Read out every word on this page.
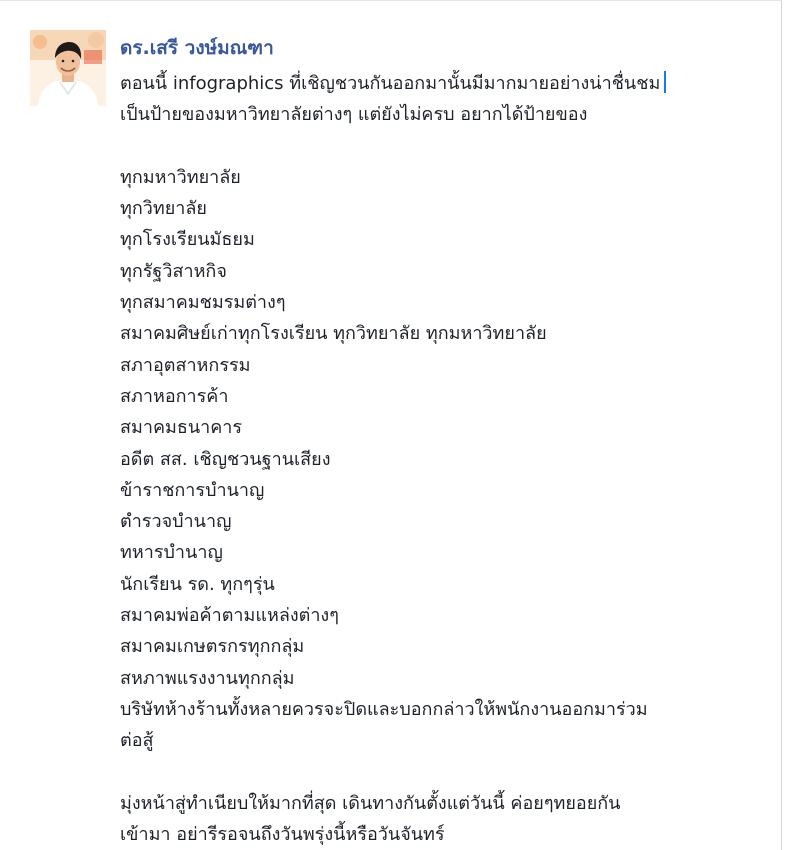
ดร.เสรี วงษ์มณฑา
ตอนนี้ infographics ที่เชิญชวนกันออกมานั้นมีมากมายอย่างน่าชื่นชม
เป็นป้ายของมหาวิทยาลัยต่างๆ แต่ยังไม่ครบ อยากได้ป้ายของ
ทุกมหาวิทยาลัย
ทุกวิทยาลัย
ทุกโรงเรียนมัธยม
ทุกรัฐวิสาหกิจ
ทุกสมาคมชมรมต่างๆ
สมาคมศิษย์เก่าทุกโรงเรียน ทุกวิทยาลัย ทุกมหาวิทยาลัย
สภาอุตสาหกรรม
สภาหอการค้า
สมาคมธนาคาร
อดีต สส. เชิญชวนฐานเสียง
ข้าราชการบำนาญ
ตำรวจบำนาญ
ทหารบำนาญ
นักเรียน รด. ทุกๆรุ่น
สมาคมพ่อค้าตามแหล่งต่างๆ
สมาคมเกษตรกรทุกกลุ่ม
สหภาพแรงงานทุกกลุ่ม
บริษัทห้างร้านทั้งหลายควรจะปิดและบอกกล่าวให้พนักงานออกมาร่วม
ต่อสู้
มุ่งหน้าสู่ทำเนียบให้มากที่สุด เดินทางกันตั้งแต่วันนี้ ค่อยๆทยอยกัน
เข้ามา อย่ารีรอจนถึงวันพรุ่งนี้หรือวันจันทร์
